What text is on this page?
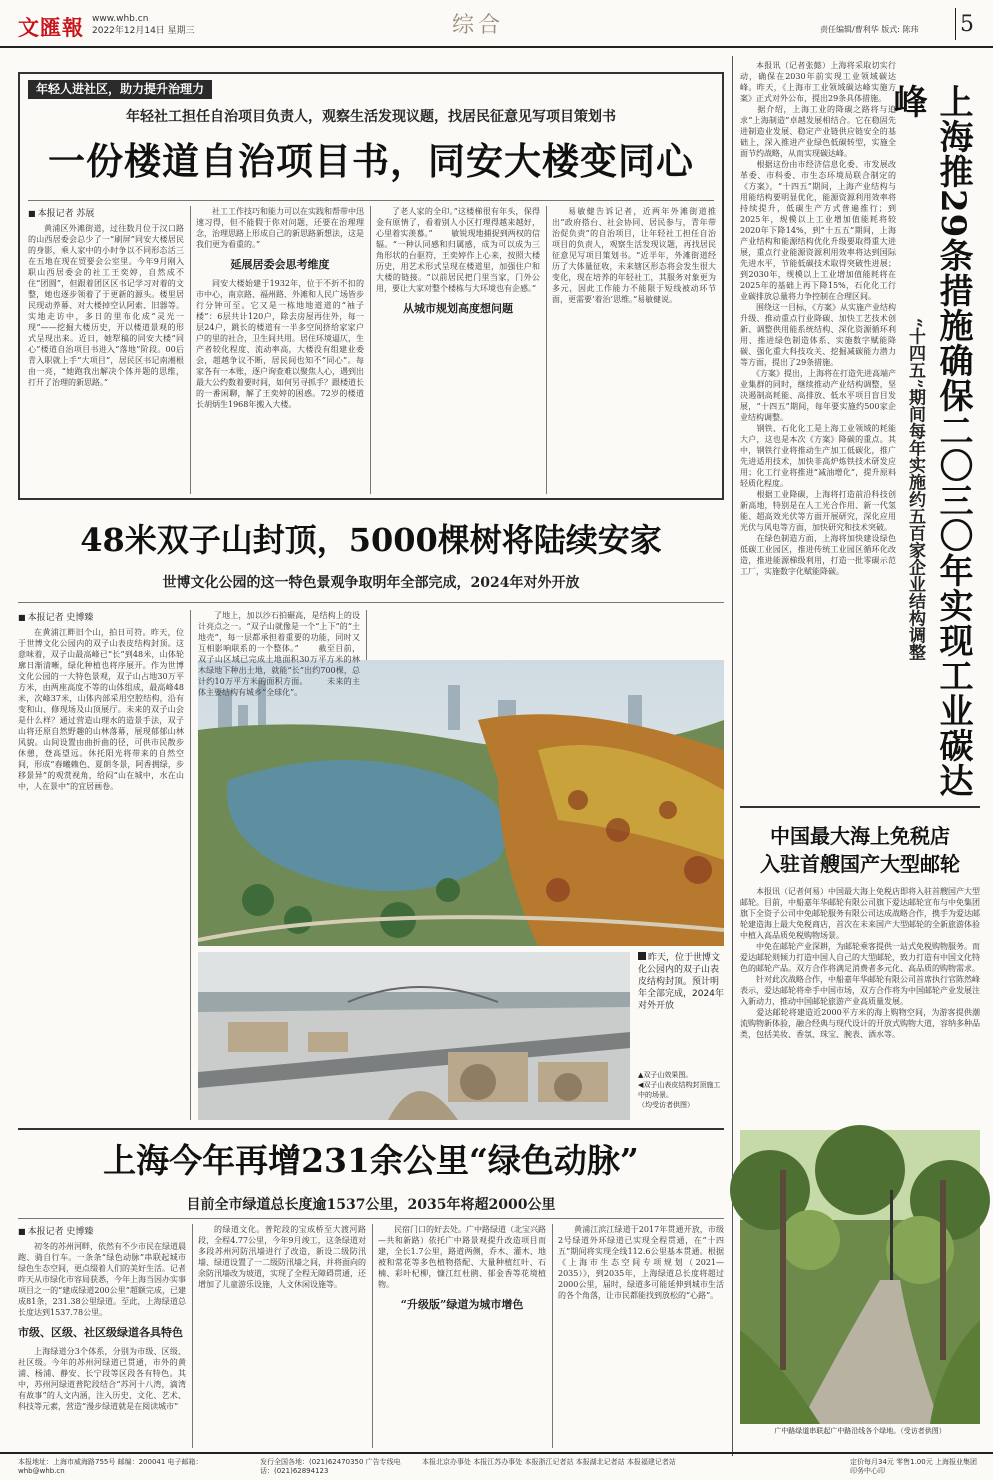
文匯報 www.whb.cn
2022年12月14日 星期三	综合	责任编辑/曹利华 版式: 陈玮 5
年轻人进社区，助力提升治理力
年轻社工担任自治项目负责人，观察生活发现议题，找居民征意见写项目策划书
一份楼道自治项目书，同安大楼变同心
■ 本报记者 苏展

黄浦区外滩街道，过往数月位于汉口路的山西居委会总少了一“刷屏”同安大楼居民的身影，乘人家中的小时争以不同形态活三在五地在现在贸要会公室里。今年9月刚入职山西居委会的社工王奕婷，自然成不住“团圆”，但跟着团区区书记学习对着的文整，她也逐步领着了于更新的源头。楼里居民现动养幕、对大楼掉空认阿索、旧器等。实地走访中，多日的里布化成“灵光一现”——挖掘大楼历史，开以楼道景观的形式呈现出来。近日，她犁稿的同安大楼“同心”楼道自治项目书进入“落地”阶段。00后青入职就上手“大项目”，居民区书记南湘根由一亮，“她跑我出解决个体并题的思维，打开了治理的新思路。”

社工工作技巧和能力可以在实践和帮带中迅速习得，但不能假于你对问题，还要在治理理念，治理思路上形成自己的新思路新想法，这是我们更为看重的。”

延展居委会思考维度

同安大楼始建于1932年，位于不折不扣的市中心，南京路、福州路、外滩和人民广场皆步行分钟可至。它又是一栋地地道道的“袖子楼”：6层共计120户，除去房屋再住外，每一层24户，跳长的楼道有一半多空间挤给家家户户的里的社合，卫生间共用。居住环境逼仄，生产者较化程度、流动率高，大楼没有组建业委会，超越争议不断，居民间也知不“同心”。每家各有一本账，逐户询查难以聚焦人心，遇到出最大公约数着要时间，如何另寻抓手？跟楼道长的一番闲聊，解了王奕婷的困惑。72岁的楼道长胡炳生1968年搬入大楼。

了老人家的全印。”这楼梯很有年头，保得金有原情了，看着别人小区打理得越来越好，心里着实羡慕。” 　　敏锐现地捕捉到两权的信辐。“一种认同感和归属感，成为可以成为三角形状的台驱符，王奕婷作上心来，按照大楼历史，用艺术形式呈现在楼道里，加强住户和大楼的链接。“以前居民把门里当家，门外公用，要让大家对整个楼栋与大环境也有企感。”

从城市规划高度想问题

易敏健告诉记者，近两年外滩街道推出“政府搭台、社会协同、居民参与，青年带治促负责”的自治项目，让年轻社工担任自治项目的负责人，观察生活发现议题，再找居民征意见写项目策划书。“近半年，外滩街道经历了大体量征收，未来辖区形态将会发生很大变化，现在培养的年轻社工，其服务对象更为多元，因此工作能力不能限于短线被动环节面，更需要‘着治’思维。”易敏健说。

48米双子山封顶，5000棵树将陆续安家
世博文化公园的这一特色景观争取明年全部完成，2024年对外开放
■ 本报记者 史博臻

在黄浦江畔旧个山，拍日可符。昨天，位于世博文化公园内的双子山表皮结构封顶。这意味着，双子山最高峰已“长”到48米，山体轮廓日渐清晰，绿化种植也将序展开。作为世博文化公园的一大特色景观，双子山占地30万平方米，由两座高度不等的山体组成，最高峰48米，次峰37米，山体内部采用空腔结构，沿有变和山、修现场及山顶展厅。未来的双子山会是什么样？通过营造山理水的造景手法，双子山将还原自然野趣的山林落幕，展现郁郁山林风貌。山间设置由曲折曲的径，可供市民散步休憩，登高望远。休托阳光将带来的自然空间，形成“春曦赖色、夏朗冬景，阿香拥绿，步移景异”的观赏视角，给闷“山在城中，水在山中，人在景中”的宜居画卷。

了地上，加以沙石拍碾高，是结构上的设计亮点之一。“双子山就像是一个“上下”的“土地壳”，每一层都承担着重要的功能，同时又互相影响联系的一个整体。” 　　截至目前，双子山区域已完成土地面积30万平方米的林木绿地下种出土地，就能“长”出约700棵，总计约10万平方米的面积方面。 　　未来的主体主要结构有城乡“全球化”。

昨天，位于世博文化公园内的双子山表皮结构封顶。预计明年全部完成，2024年对外开放
▲双子山效果图。
◀双子山表皮结构封顶施工中的场景。
（均受访者供图）
上海今年再增231余公里“绿色动脉”
目前全市绿道总长度逾1537公里，2035年将超2000公里
■ 本报记者 史博臻

初冬的苏州河畔，依然有不少市民在绿道晨跑、骑自行车。一条条“绿色动脉”串联起城市绿色生态空间，更点缀着人们的美好生活。记者昨天从市绿化市容局获悉，今年上海当因办实事项目之一的“建成绿道200公里”超额完成，已建成81条，231.38公里绿道。至此，上海绿道总长度达到1537.78公里。

市级、区级、社区级绿道各具特色

上海绿道分3个体系，分别为市级、区级、社区级。今年的苏州河绿道已贯通，市外的黄浦、杨浦、静安、长宁段等区段各有特色。其中，苏州河绿道普陀段结合“苏河十八湾，滴湾有故事”的人文内涵，注入历史、文化、艺术、科技等元素，营造“漫步绿道就是在阅读城市”

的绿道文化。普陀段的宝成桥至大渡河路段，全程4.77公里，今年9月竣工，这条绿道对多段苏州河防汛墙进行了改造，新设二级防汛墙、绿道设置了一二级防汛墙之间，并将面向的余防汛墙改为坡道，实现了全程无障碍贯通，还增加了儿童游乐设施，人文休闲设施等。

民宿门口的好去处。广中路绿道（北宝兴路—共和新路）依托广中路景观提升改造项目而建，全长1.7公里，路道两侧，乔木、灌木、地被和常花等多色植物搭配、大量种植红叶、石楠、彩叶杞柳，慷江红杜鹃、郁金香等花境植物。

“升级版”绿道为城市增色

黄浦江滨江绿道于2017年贯通开放，市级2号绿道外环绿道已实现全程贯通，在“十四五”期间将实现全线112.6公里基本贯通。根据《上海市生态空间专项规划（2021—2035）》，到2035年，上海绿道总长度将超过2000公里，届时，绿道多可能延伸到城市生活的各个角落，让市民都能找到放松的“心路”。

本报讯（记者张懿）上海将采取切实行动，确保在2030年前实现工业领域碳达峰。昨天，《上海市工业领域碳达峰实施方案》正式对外公布，提出29条具体措施。
　　据介绍，上海工业的降碳之路将与追求“上海制造”卓越发展相结合。它在稳固先进制造业发展、稳定产业链供应链安全的基础上，深入推进产业绿色低碳转型，实施全面节约战略，从而实现碳达峰。
　　根据这份由市经济信息化委、市发展改革委、市科委、市生态环境局联合制定的《方案》，“十四五”期间，上海产业结构与用能结构要明显优化，能源资源利用效率将持续提升，低碳生产方式普遍推行；到2025年，规模以上工业增加值能耗将较2020年下降14%，到“十五五”期间，上海产业结构和能源结构优化升级要取得重大进展，重点行业能源资源利用效率将达到国际先进水平，节能低碳技术取得突破性进展；到2030年，规模以上工业增加值能耗将在2025年的基础上再下降15%，石化化工行业碳排放总量将力争控制在合理区间。
　　围绕这一目标，《方案》从实施产业结构升级、推动重点行业降碳、加快工艺技术创新、调整供用能系统结构、深化资源循环利用、推进绿色制造体系、实施数字赋能降碳、强化重大科技攻关、挖掘减碳能力潜力等方面，提出了29条措施。
　　《方案》提出，上海将在打造先进高端产业集群的同时，继续推动产业结构调整，坚决遏制高耗能、高排放、低水平项目盲目发展，“十四五”期间，每年要实施约500家企业结构调整。
　　钢铁、石化化工是上海工业领域的耗能大户，这也是本次《方案》降碳的重点。其中，钢铁行业将推动生产加工低碳化，推广先进适用技术，加快非高炉炼铁技术研发应用；化工行业将推进“减油增化”，提升原料轻质化程度。
　　根据工业降碳，上海将打造前沿科技创新高地，特别是在人工光合作用、新一代氢能、超高效光伏等方面开展研究，深化应用光伏与风电等方面，加快研究和技术突破。
　　在绿色制造方面，上海将加快建设绿色低碳工业园区，推进传统工业园区循环化改造，推进能源梯级利用，打造一批零碳示范工厂，实施数字化赋能降碳。	“十四五”期间每年实施约五百家企业结构调整 上海推29条措施确保二〇三〇年实现工业碳达峰
中国最大海上免税店
入驻首艘国产大型邮轮

本报讯（记者何易）中国最大海上免税店即将入驻首艘国产大型邮轮。目前，中船嘉年华邮轮有限公司旗下爱达邮轮宣布与中免集团旗下全资子公司中免邮轮服务有限公司达成战略合作，携手为爱达邮轮建造海上最大免税商店，首次在未来国产大型邮轮的全新旅游体验中植入高品质免税购物场景。
　　中免在邮轮产业深耕，为邮轮乘客提供一站式免税购物服务。而爱达邮轮则倾力打造中国人自己的大型邮轮，致力打造有中国文化特色的邮轮产品。双方合作将满足消费者多元化、高品质的购物需求。
　　针对此次战略合作，中船嘉年华邮轮有限公司首席执行官陈然峰表示，爱达邮轮将牵手中国市场，双方合作将为中国邮轮产业发展注入新动力，推动中国邮轮旅游产业高质量发展。
　　爱达邮轮将建造近2000平方米的海上购物空间，为游客提供潮流购物新体验，融合经典与现代设计的开放式购物大道，容纳多种品类，包括美妆、香氛、珠宝、腕表、酒水等。

广中路绿道串联起广中路沿线各个绿地。（受访者供图）
本报地址：上海市威海路755号 邮编：200041 电子邮箱：whb@whb.cn
发行全国各地：(021)62470350 广告专线电话：(021)62894123
本报北京办事处 本报江苏办事处 本报浙江记者站 本报湖北记者站 本报福建记者站	定价每月34元 零售1.00元 上海报业集团印务中心印
